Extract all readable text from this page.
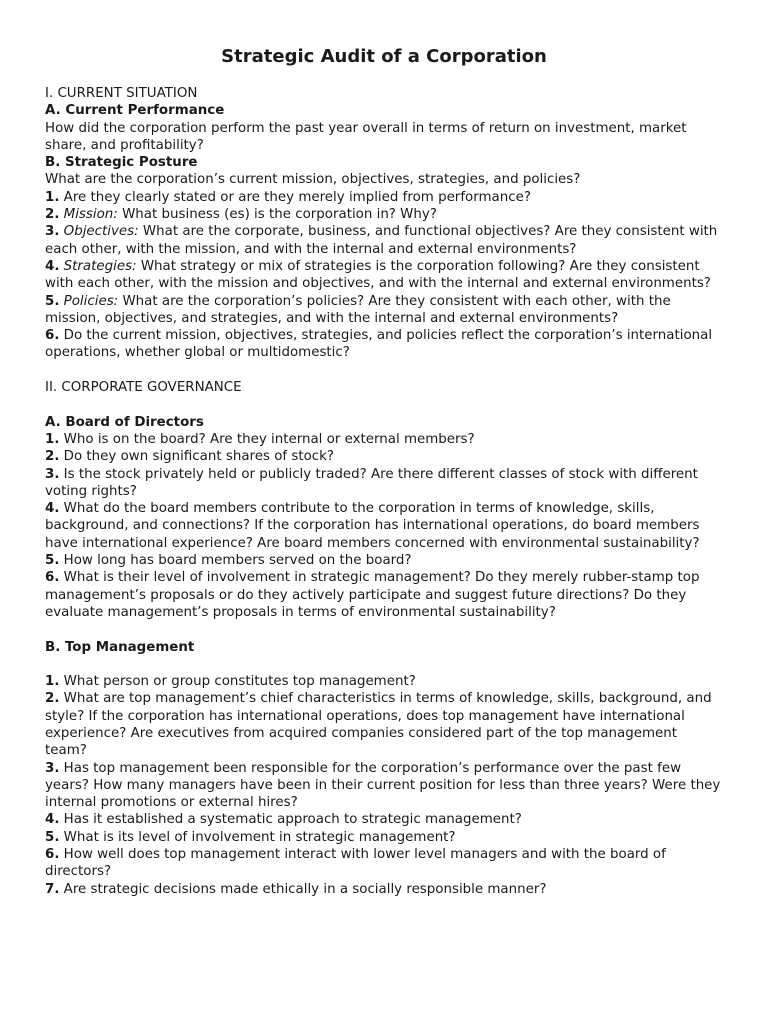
Strategic Audit of a Corporation

I. CURRENT SITUATION

A. Current Performance

How did the corporation perform the past year overall in terms of return on investment, market share, and profitability?

B. Strategic Posture

What are the corporation’s current mission, objectives, strategies, and policies?

1. Are they clearly stated or are they merely implied from performance?

2. Mission: What business (es) is the corporation in? Why?

3. Objectives: What are the corporate, business, and functional objectives? Are they consistent with each other, with the mission, and with the internal and external environments?

4. Strategies: What strategy or mix of strategies is the corporation following? Are they consistent with each other, with the mission and objectives, and with the internal and external environments?

5. Policies: What are the corporation’s policies? Are they consistent with each other, with the mission, objectives, and strategies, and with the internal and external environments?

6. Do the current mission, objectives, strategies, and policies reflect the corporation’s international operations, whether global or multidomestic?

II. CORPORATE GOVERNANCE

A. Board of Directors

1. Who is on the board? Are they internal or external members?

2. Do they own significant shares of stock?

3. Is the stock privately held or publicly traded? Are there different classes of stock with different voting rights?

4. What do the board members contribute to the corporation in terms of knowledge, skills, background, and connections? If the corporation has international operations, do board members have international experience? Are board members concerned with environmental sustainability?

5. How long has board members served on the board?

6. What is their level of involvement in strategic management? Do they merely rubber-stamp top management’s proposals or do they actively participate and suggest future directions? Do they evaluate management’s proposals in terms of environmental sustainability?

B. Top Management

1. What person or group constitutes top management?

2. What are top management’s chief characteristics in terms of knowledge, skills, background, and style? If the corporation has international operations, does top management have international experience? Are executives from acquired companies considered part of the top management team?

3. Has top management been responsible for the corporation’s performance over the past few years? How many managers have been in their current position for less than three years? Were they internal promotions or external hires?

4. Has it established a systematic approach to strategic management?

5. What is its level of involvement in strategic management?

6. How well does top management interact with lower level managers and with the board of directors?

7. Are strategic decisions made ethically in a socially responsible manner?
